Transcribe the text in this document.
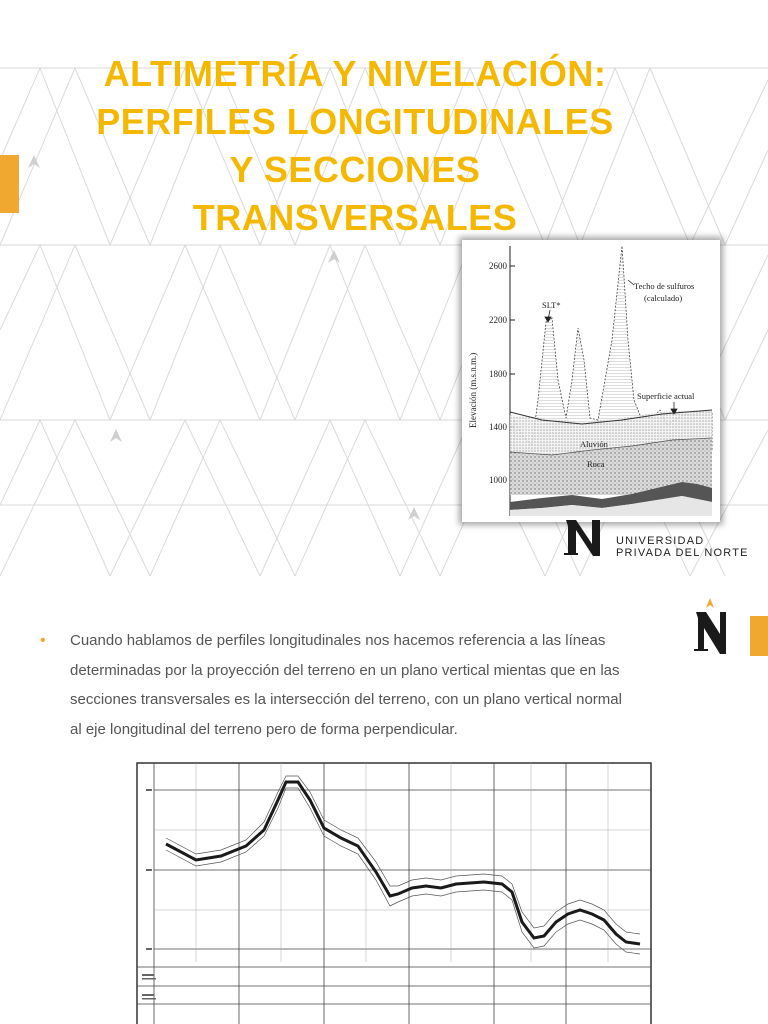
ALTIMETRÍA Y NIVELACIÓN:
PERFILES LONGITUDINALES
Y SECCIONES
TRANSVERSALES
2600
2200
1800
1400
1000
Elevación (m.s.n.m.)
SLT*
Techo de sulfuros
(calculado)
Superficie actual
Aluvión
Roca
UNIVERSIDAD
PRIVADA DEL NORTE
• Cuando hablamos de perfiles longitudinales nos hacemos referencia a las líneas
determinadas por la proyección del terreno en un plano vertical mientas que en las
secciones transversales es la intersección del terreno, con un plano vertical normal
al eje longitudinal del terreno pero de forma perpendicular.
